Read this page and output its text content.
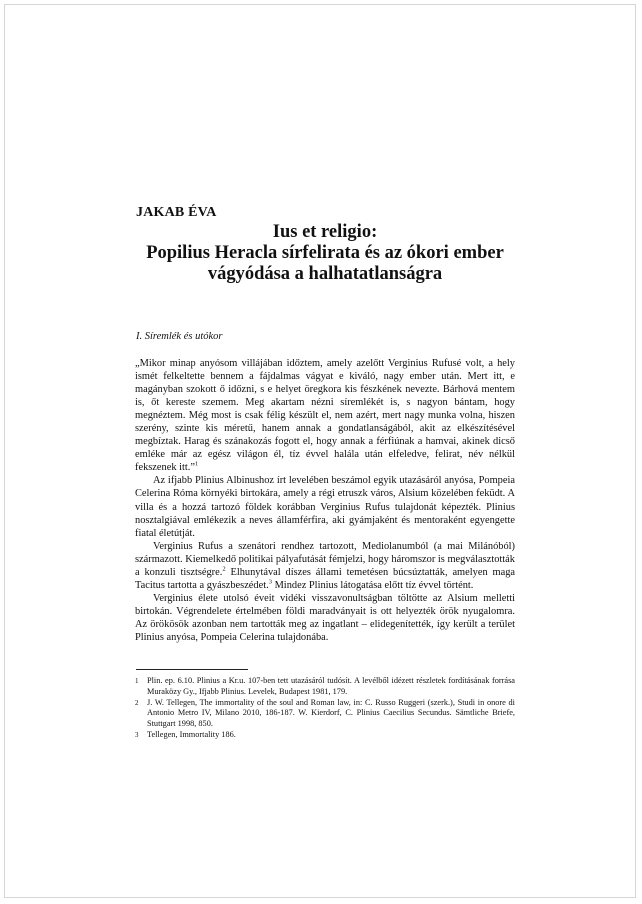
JAKAB ÉVA
Ius et religio:
Popilius Heracla sírfelirata és az ókori ember
vágyódása a halhatatlanságra
I. Síremlék és utókor

„Mikor minap anyósom villájában időztem, amely azelőtt Verginius Rufusé volt, a hely ismét felkeltette bennem a fájdalmas vágyat e kiváló, nagy ember után. Mert itt, e magányban szokott ő időzni, s e helyet öregkora kis fészkének nevezte. Bárhová mentem is, őt kereste szemem. Meg akartam nézni síremlékét is, s nagyon bántam, hogy megnéztem. Még most is csak félig készült el, nem azért, mert nagy munka volna, hiszen szerény, szinte kis méretű, hanem annak a gondatlanságából, akit az elkészítésével megbíztak. Harag és szánakozás fogott el, hogy annak a férfiúnak a hamvai, akinek dicső emléke már az egész világon él, tíz évvel halála után elfeledve, felirat, név nélkül fekszenek itt.”$^1$

Az ifjabb Plinius Albinushoz írt levelében beszámol egyik utazásáról anyósa, Pompeia Celerina Róma környéki birtokára, amely a régi etruszk város, Alsium közelében feküdt. A villa és a hozzá tartozó földek korábban Verginius Rufus tulajdonát képezték. Plinius nosztalgiával emlékezik a neves államférfira, aki gyámjaként és mentoraként egyengette fiatal életútját.

Verginius Rufus a szenátori rendhez tartozott, Mediolanumból (a mai Milánóból) származott. Kiemelkedő politikai pályafutását fémjelzi, hogy háromszor is megválasztották a konzuli tisztségre.$^2$ Elhunytával díszes állami temetésen búcsúztatták, amelyen maga Tacitus tartotta a gyászbeszédet.$^3$ Mindez Plinius látogatása előtt tíz évvel történt.

Verginius élete utolsó éveit vidéki visszavonultságban töltötte az Alsium melletti birtokán. Végrendelete értelmében földi maradványait is ott helyezték örök nyugalomra. Az örökösök azonban nem tartották meg az ingatlant – elidegenítették, így került a terület Plinius anyósa, Pompeia Celerina tulajdonába.

1	Plin. ep. 6.10. Plinius a Kr.u. 107-ben tett utazásáról tudósít. A levélből idézett részletek fordításának forrása Muraközy Gy., Ifjabb Plinius. Levelek, Budapest 1981, 179.
2	J. W. Tellegen, The immortality of the soul and Roman law, in: C. Russo Ruggeri (szerk.), Studi in onore di Antonio Metro IV, Milano 2010, 186-187. W. Kierdorf, C. Plinius Caecilius Secundus. Sämtliche Briefe, Stuttgart 1998, 850.
3	Tellegen, Immortality 186.
